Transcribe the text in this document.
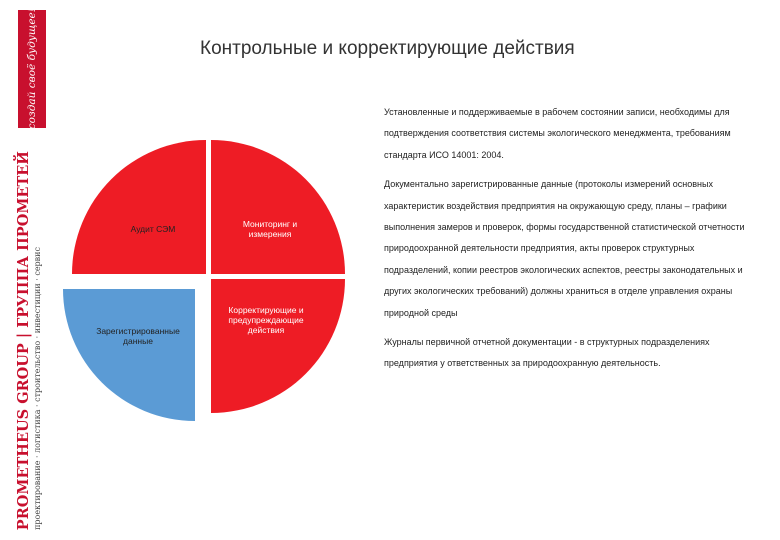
создай своё будущее!
PROMETHEUS GROUP | ГРУППА ПРОМЕТЕЙ проектирование · логистика · строительство · инвестиции · сервис
Контрольные и корректирующие действия
Аудит СЭМ	Мониторинг и измерения
Корректирующие и предупреждающие действия
Зарегистрированные данные

Установленные и поддерживаемые в рабочем состоянии записи, необходимы для подтверждения соответствия системы экологического менеджмента, требованиям стандарта ИСО 14001: 2004.

Документально зарегистрированные данные (протоколы измерений основных характеристик воздействия предприятия на окружающую среду, планы – графики выполнения замеров и проверок, формы государственной статистической отчетности природоохранной деятельности предприятия, акты проверок структурных подразделений, копии реестров экологических аспектов, реестры законодательных и других экологических требований) должны храниться в отделе управления охраны природной среды

Журналы первичной отчетной документации - в структурных подразделениях предприятия у ответственных за природоохранную деятельность.
